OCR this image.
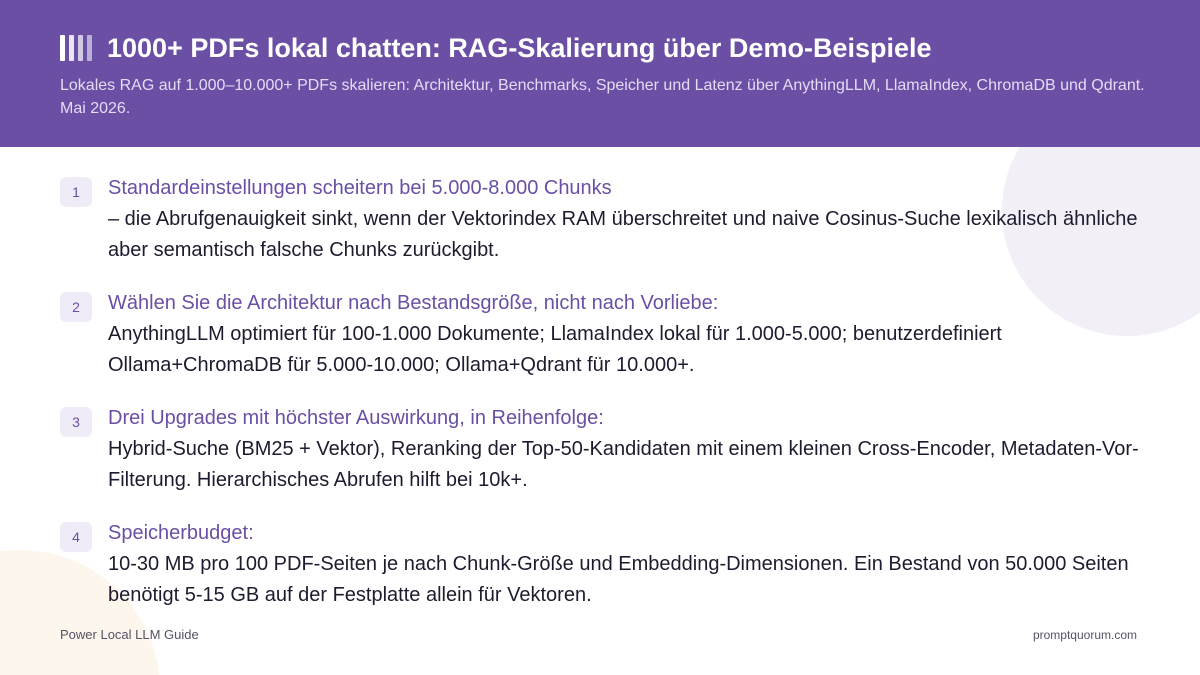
1000+ PDFs lokal chatten: RAG-Skalierung über Demo-Beispiele

Lokales RAG auf 1.000–10.000+ PDFs skalieren: Architektur, Benchmarks, Speicher und Latenz über AnythingLLM, LlamaIndex, ChromaDB und Qdrant. Mai 2026.

1	Standardeinstellungen scheitern bei 5.000-8.000 Chunks
– die Abrufgenauigkeit sinkt, wenn der Vektorindex RAM überschreitet und naive Cosinus-Suche lexikalisch ähnliche aber semantisch falsche Chunks zurückgibt.
2	Wählen Sie die Architektur nach Bestandsgröße, nicht nach Vorliebe:
AnythingLLM optimiert für 100-1.000 Dokumente; LlamaIndex lokal für 1.000-5.000; benutzerdefiniert Ollama+ChromaDB für 5.000-10.000; Ollama+Qdrant für 10.000+.
3	Drei Upgrades mit höchster Auswirkung, in Reihenfolge:
Hybrid-Suche (BM25 + Vektor), Reranking der Top-50-Kandidaten mit einem kleinen Cross-Encoder, Metadaten-Vor-Filterung. Hierarchisches Abrufen hilft bei 10k+.
4	Speicherbudget:
10-30 MB pro 100 PDF-Seiten je nach Chunk-Größe und Embedding-Dimensionen. Ein Bestand von 50.000 Seiten benötigt 5-15 GB auf der Festplatte allein für Vektoren.
Power Local LLM Guide	promptquorum.com
